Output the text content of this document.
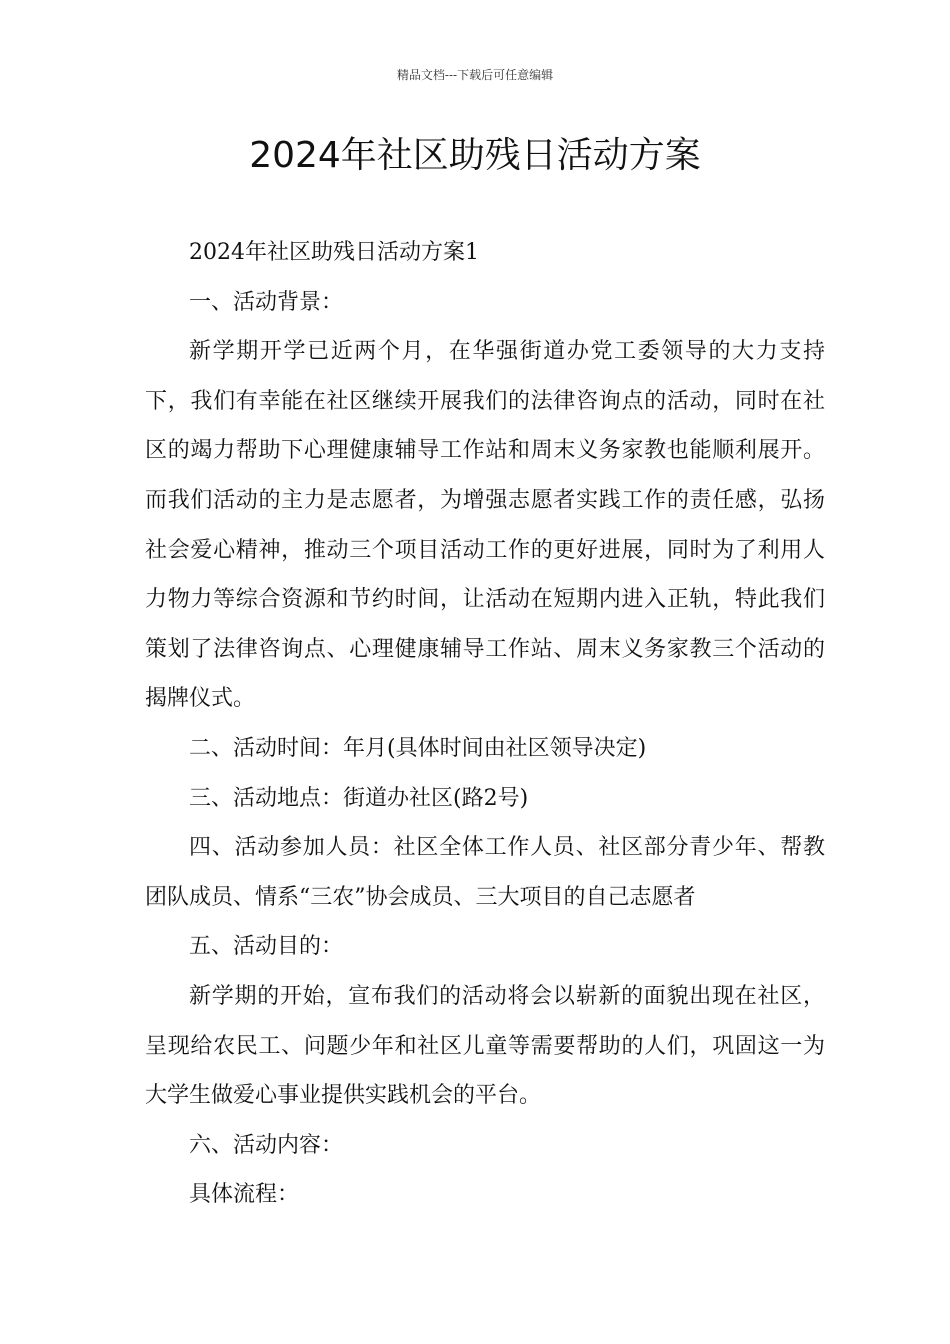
精品文档---下载后可任意编辑
2024年社区助残日活动方案

2024年社区助残日活动方案1

一、活动背景：

新学期开学已近两个月，在华强街道办党工委领导的大力支持下，我们有幸能在社区继续开展我们的法律咨询点的活动，同时在社区的竭力帮助下心理健康辅导工作站和周末义务家教也能顺利展开。而我们活动的主力是志愿者，为增强志愿者实践工作的责任感，弘扬社会爱心精神，推动三个项目活动工作的更好进展，同时为了利用人力物力等综合资源和节约时间，让活动在短期内进入正轨，特此我们策划了法律咨询点、心理健康辅导工作站、周末义务家教三个活动的揭牌仪式。

二、活动时间：年月(具体时间由社区领导决定)

三、活动地点：街道办社区(路2号)

四、活动参加人员：社区全体工作人员、社区部分青少年、帮教团队成员、情系“三农”协会成员、三大项目的自己志愿者

五、活动目的：

新学期的开始，宣布我们的活动将会以崭新的面貌出现在社区，呈现给农民工、问题少年和社区儿童等需要帮助的人们，巩固这一为大学生做爱心事业提供实践机会的平台。

六、活动内容：

具体流程：
